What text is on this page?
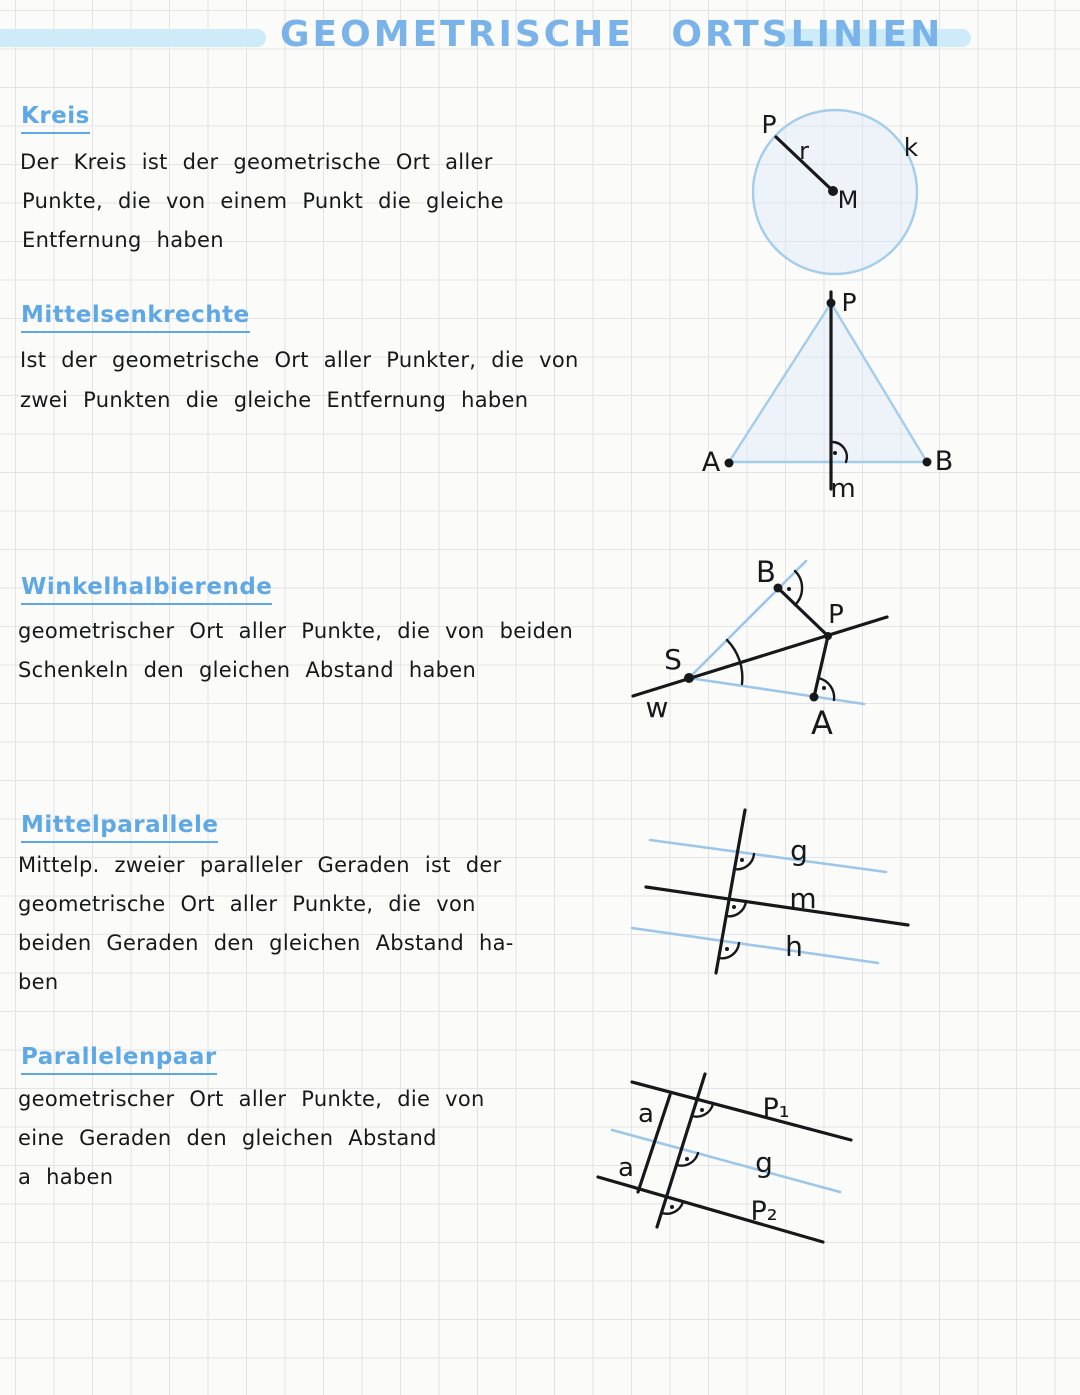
GEOMETRISCHE ORTSLINIEN
Kreis
Der Kreis ist der geometrische Ort aller
Punkte, die von einem Punkt die gleiche
Entfernung haben
Mittelsenkrechte
Ist der geometrische Ort aller Punkter, die von
zwei Punkten die gleiche Entfernung haben
Winkelhalbierende
geometrischer Ort aller Punkte, die von beiden
Schenkeln den gleichen Abstand haben
Mittelparallele
Mittelp. zweier paralleler Geraden ist der
geometrische Ort aller Punkte, die von
beiden Geraden den gleichen Abstand ha-
ben
Parallelenpaar
geometrischer Ort aller Punkte, die von
eine Geraden den gleichen Abstand
a haben
P
r	k
M
P
A	B
m
B
P
S
w	A
g
m
h
a
a
P₁
g
P₂
